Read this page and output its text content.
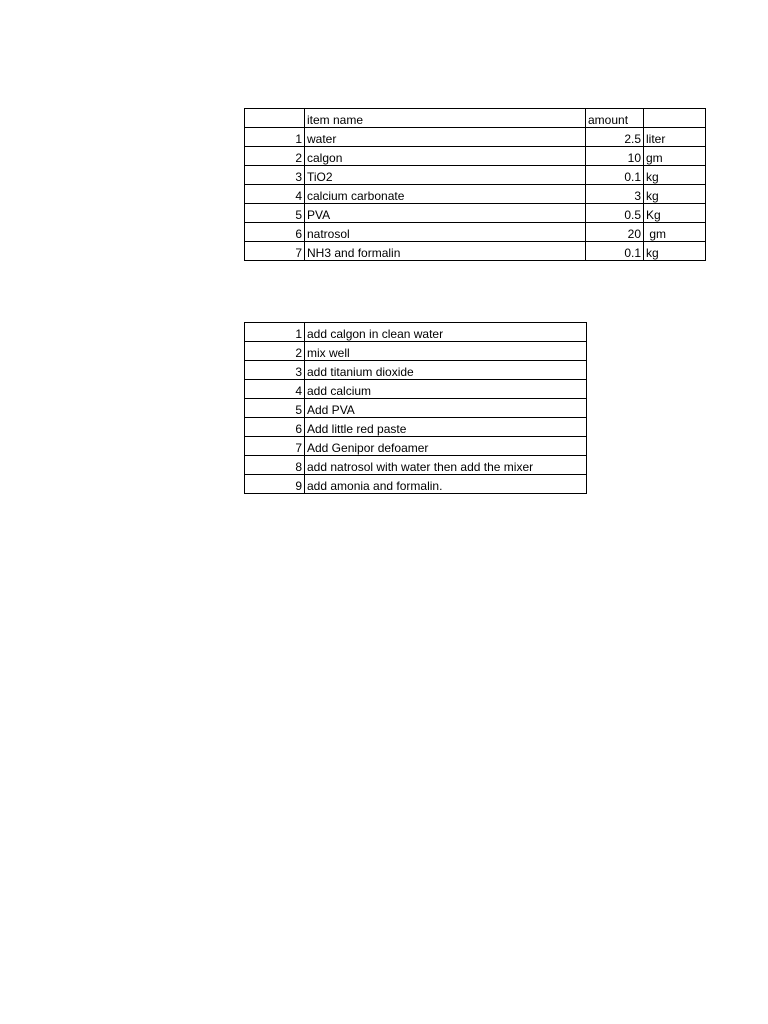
	item name	amount	
1	water	2.5	liter
2	calgon	10	gm
3	TiO2	0.1	kg
4	calcium carbonate	3	kg
5	PVA	0.5	Kg
6	natrosol	20	gm
7	NH3 and formalin	0.1	kg
1	add calgon in clean water
2	mix well
3	add titanium dioxide
4	add calcium
5	Add PVA
6	Add little red paste
7	Add Genipor defoamer
8	add natrosol with water then add the mixer
9	add amonia and formalin.
